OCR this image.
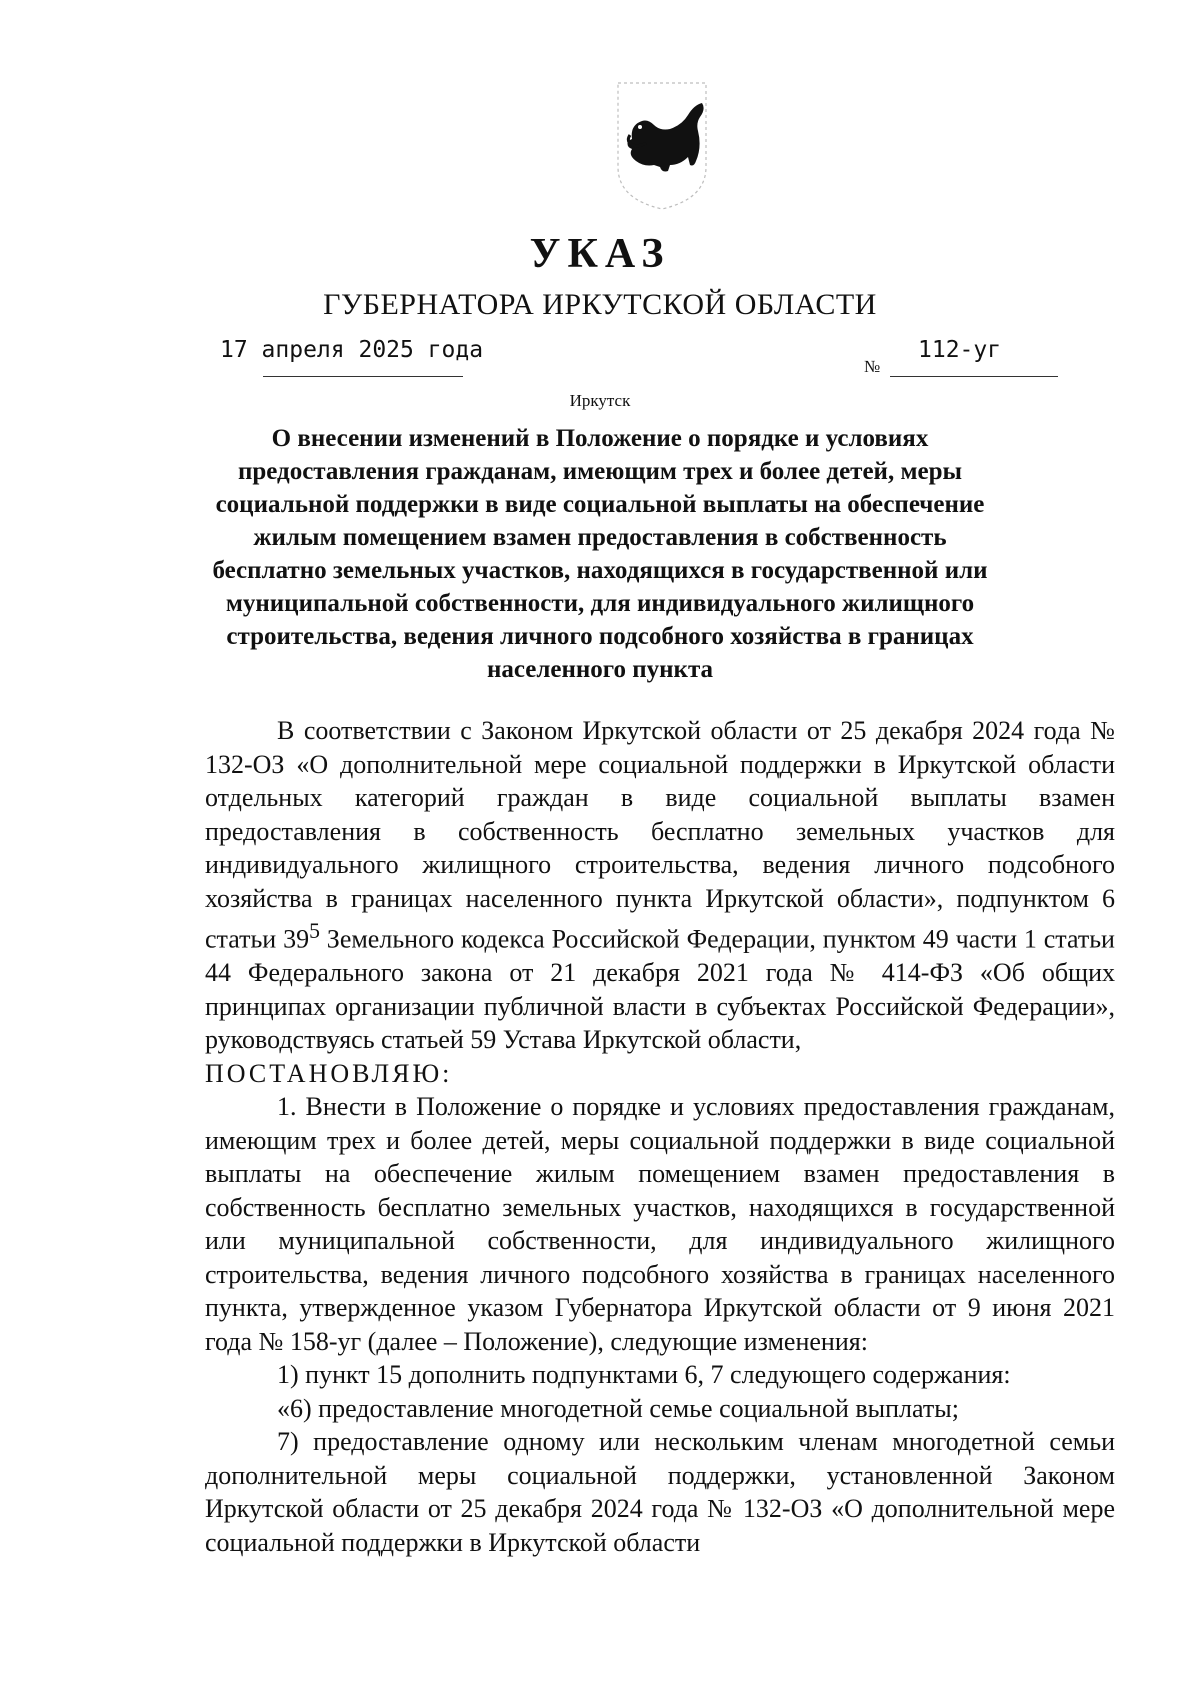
УКАЗ
ГУБЕРНАТОРА ИРКУТСКОЙ ОБЛАСТИ
17 апреля 2025 года
№
112-уг
Иркутск
О внесении изменений в Положение о порядке и условиях предоставления гражданам, имеющим трех и более детей, меры социальной поддержки в виде социальной выплаты на обеспечение жилым помещением взамен предоставления в собственность бесплатно земельных участков, находящихся в государственной или муниципальной собственности, для индивидуального жилищного строительства, ведения личного подсобного хозяйства в границах населенного пункта

В соответствии с Законом Иркутской области от 25 декабря 2024 года № 132-ОЗ «О дополнительной мере социальной поддержки в Иркутской области отдельных категорий граждан в виде социальной выплаты взамен предоставления в собственность бесплатно земельных участков для индивидуального жилищного строительства, ведения личного подсобного хозяйства в границах населенного пункта Иркутской области», подпунктом 6 статьи $39^5$ Земельного кодекса Российской Федерации, пунктом 49 части 1 статьи 44 Федерального закона от 21 декабря 2021 года № 414-ФЗ «Об общих принципах организации публичной власти в субъектах Российской Федерации», руководствуясь статьей 59 Устава Иркутской области,

ПОСТАНОВЛЯЮ:

1. Внести в Положение о порядке и условиях предоставления гражданам, имеющим трех и более детей, меры социальной поддержки в виде социальной выплаты на обеспечение жилым помещением взамен предоставления в собственность бесплатно земельных участков, находящихся в государственной или муниципальной собственности, для индивидуального жилищного строительства, ведения личного подсобного хозяйства в границах населенного пункта, утвержденное указом Губернатора Иркутской области от 9 июня 2021 года № 158-уг (далее – Положение), следующие изменения:

1) пункт 15 дополнить подпунктами 6, 7 следующего содержания:

«6) предоставление многодетной семье социальной выплаты;

7) предоставление одному или нескольким членам многодетной семьи дополнительной меры социальной поддержки, установленной Законом Иркутской области от 25 декабря 2024 года № 132-ОЗ «О дополнительной мере социальной поддержки в Иркутской области
